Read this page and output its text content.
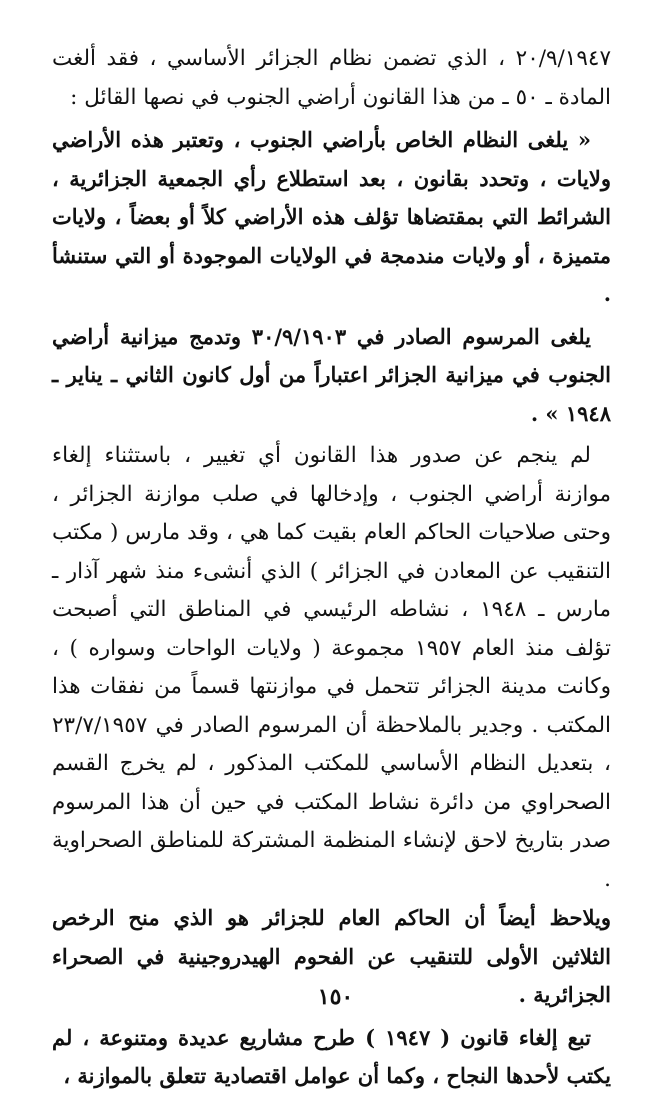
٢٠/٩/١٩٤٧ ، الذي تضمن نظام الجزائر الأساسي ، فقد ألغت المادة ـ ٥٠ ـ من هذا القانون أراضي الجنوب في نصها القائل :

« يلغى النظام الخاص بأراضي الجنوب ، وتعتبر هذه الأراضي ولايات ، وتحدد بقانون ، بعد استطلاع رأي الجمعية الجزائرية ، الشرائط التي بمقتضاها تؤلف هذه الأراضي كلاً أو بعضاً ، ولايات متميزة ، أو ولايات مندمجة في الولايات الموجودة أو التي ستنشأ .

يلغى المرسوم الصادر في ٣٠/٩/١٩٠٣ وتدمج ميزانية أراضي الجنوب في ميزانية الجزائر اعتباراً من أول كانون الثاني ـ يناير ـ ١٩٤٨ » .

لم ينجم عن صدور هذا القانون أي تغيير ، باستثناء إلغاء موازنة أراضي الجنوب ، وإدخالها في صلب موازنة الجزائر ، وحتى صلاحيات الحاكم العام بقيت كما هي ، وقد مارس ( مكتب التنقيب عن المعادن في الجزائر ) الذي أنشىء منذ شهر آذار ـ مارس ـ ١٩٤٨ ، نشاطه الرئيسي في المناطق التي أصبحت تؤلف منذ العام ١٩٥٧ مجموعة ( ولايات الواحات وسواره ) ، وكانت مدينة الجزائر تتحمل في موازنتها قسماً من نفقات هذا المكتب . وجدير بالملاحظة أن المرسوم الصادر في ٢٣/٧/١٩٥٧ ، بتعديل النظام الأساسي للمكتب المذكور ، لم يخرج القسم الصحراوي من دائرة نشاط المكتب في حين أن هذا المرسوم صدر بتاريخ لاحق لإنشاء المنظمة المشتركة للمناطق الصحراوية .

ويلاحظ أيضاً أن الحاكم العام للجزائر هو الذي منح الرخص الثلاثين الأولى للتنقيب عن الفحوم الهيدروجينية في الصحراء الجزائرية .

تبع إلغاء قانون ( ١٩٤٧ ) طرح مشاريع عديدة ومتنوعة ، لم يكتب لأحدها النجاح ، وكما أن عوامل اقتصادية تتعلق بالموازنة ،

١٥٠
